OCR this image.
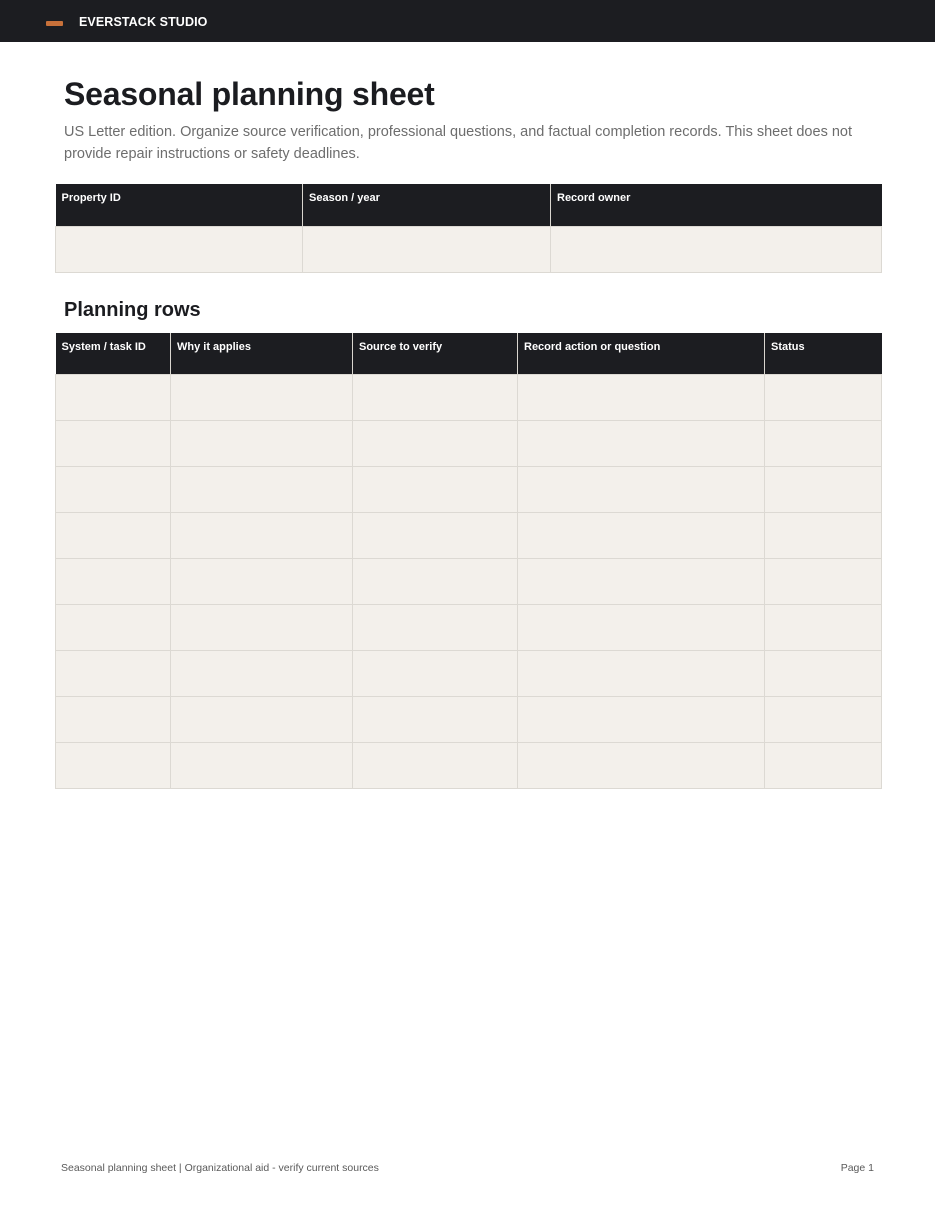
EVERSTACK STUDIO
Seasonal planning sheet

US Letter edition. Organize source verification, professional questions, and factual completion records. This sheet does not provide repair instructions or safety deadlines.

Property ID	Season / year	Record owner

Planning rows
System / task ID	Why it applies	Source to verify	Record action or question	Status

Seasonal planning sheet | Organizational aid - verify current sources	Page 1
